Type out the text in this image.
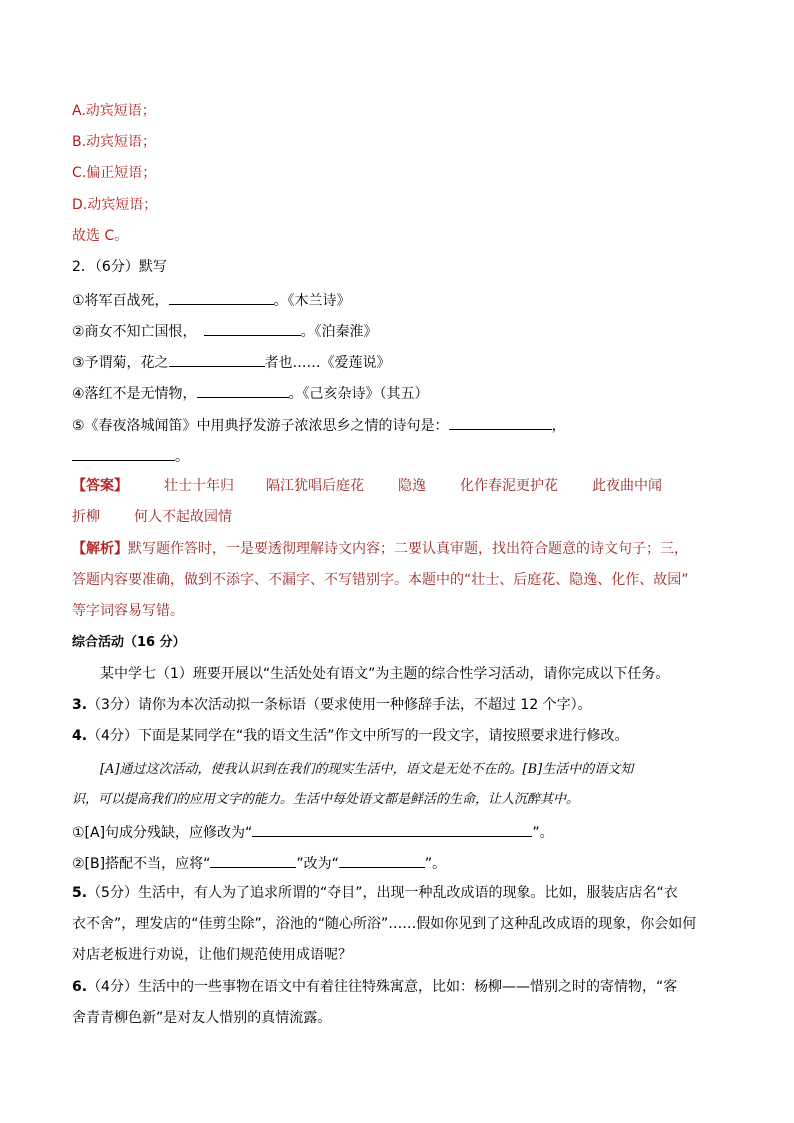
A.动宾短语；
B.动宾短语；
C.偏正短语；
D.动宾短语；
故选 C。
2．（6分）默写
①将军百战死，	。《木兰诗》
②商女不知亡国恨，	。《泊秦淮》
③予谓菊，花之	者也……《爱莲说》
④落红不是无情物，	。《己亥杂诗》（其五）
⑤《春夜洛城闻笛》中用典抒发游子浓浓思乡之情的诗句是：	，
。
【答案】	壮士十年归 隔江犹唱后庭花 隐逸 化作春泥更护花 此夜曲中闻
折柳 何人不起故园情
【解析】默写题作答时，一是要透彻理解诗文内容；二要认真审题，找出符合题意的诗文句子；三，
答题内容要准确，做到不添字、不漏字、不写错别字。本题中的“壮士、后庭花、隐逸、化作、故园”
等字词容易写错。
综合活动（16 分）
某中学七（1）班要开展以“生活处处有语文”为主题的综合性学习活动，请你完成以下任务。
3.（3分）请你为本次活动拟一条标语（要求使用一种修辞手法，不超过 12 个字）。
4.（4分）下面是某同学在“我的语文生活”作文中所写的一段文字，请按照要求进行修改。
[A]通过这次活动，使我认识到在我们的现实生活中，语文是无处不在的。[B]生活中的语文知
识，可以提高我们的应用文字的能力。生活中每处语文都是鲜活的生命，让人沉醉其中。
①[A]句成分残缺，应修改为“	”。
②[B]搭配不当，应将“	”改为“	”。
5.（5分）生活中，有人为了追求所谓的“夺目”，出现一种乱改成语的现象。比如，服装店店名“衣
衣不舍”，理发店的“佳剪尘除”，浴池的“随心所浴”……假如你见到了这种乱改成语的现象，你会如何
对店老板进行劝说，让他们规范使用成语呢？
6.（4分）生活中的一些事物在语文中有着往往特殊寓意，比如：杨柳——惜别之时的寄情物，“客
舍青青柳色新”是对友人惜别的真情流露。
